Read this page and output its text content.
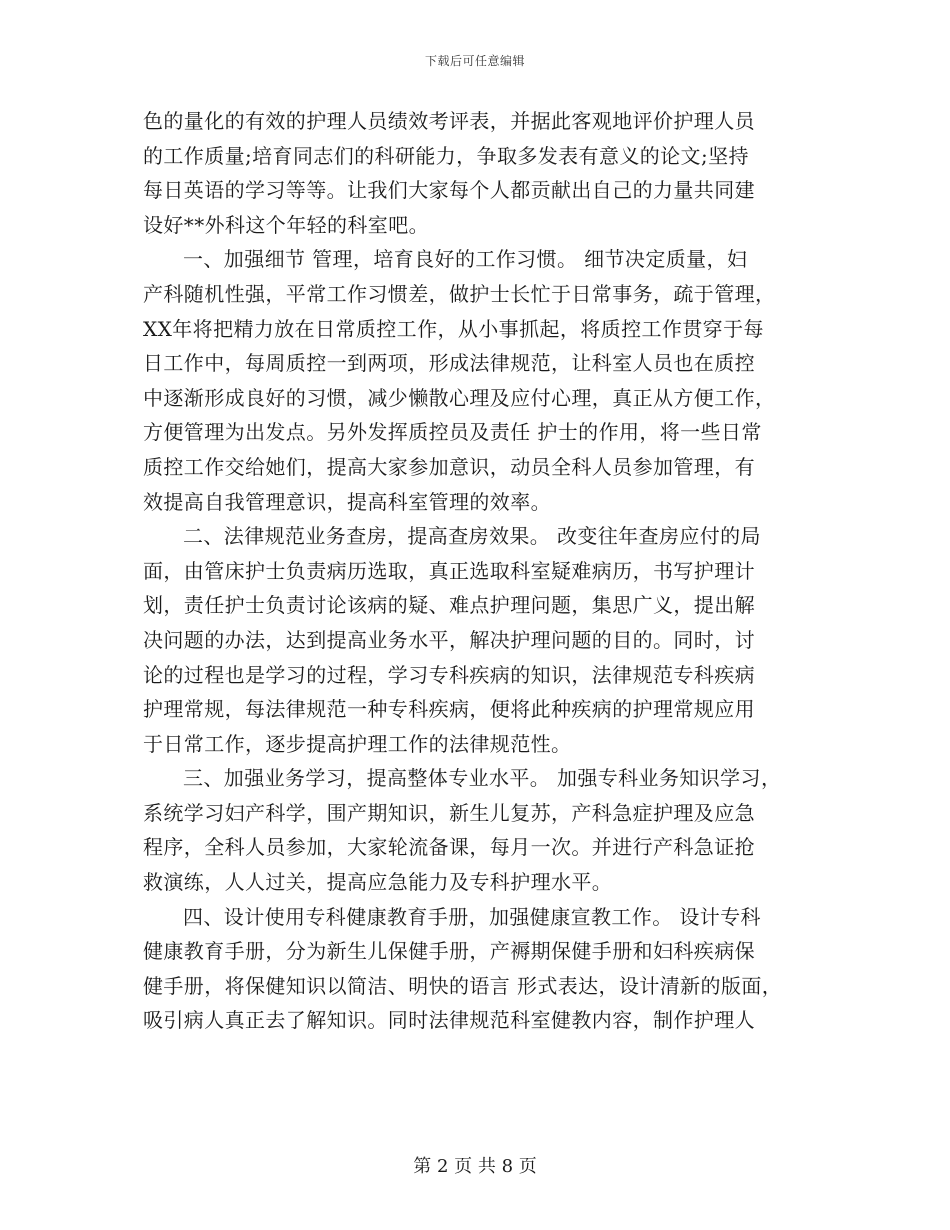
下载后可任意编辑
色的量化的有效的护理人员绩效考评表，并据此客观地评价护理人员
的工作质量;培育同志们的科研能力，争取多发表有意义的论文;坚持
每日英语的学习等等。让我们大家每个人都贡献出自己的力量共同建
设好**外科这个年轻的科室吧。
一、加强细节 管理，培育良好的工作习惯。 细节决定质量，妇
产科随机性强，平常工作习惯差，做护士长忙于日常事务，疏于管理，
XX年将把精力放在日常质控工作，从小事抓起，将质控工作贯穿于每
日工作中，每周质控一到两项，形成法律规范，让科室人员也在质控
中逐渐形成良好的习惯，减少懒散心理及应付心理，真正从方便工作，
方便管理为出发点。另外发挥质控员及责任 护士的作用，将一些日常
质控工作交给她们，提高大家参加意识，动员全科人员参加管理，有
效提高自我管理意识，提高科室管理的效率。
二、法律规范业务查房，提高查房效果。 改变往年查房应付的局
面，由管床护士负责病历选取，真正选取科室疑难病历，书写护理计
划，责任护士负责讨论该病的疑、难点护理问题，集思广义，提出解
决问题的办法，达到提高业务水平，解决护理问题的目的。同时，讨
论的过程也是学习的过程，学习专科疾病的知识，法律规范专科疾病
护理常规，每法律规范一种专科疾病，便将此种疾病的护理常规应用
于日常工作，逐步提高护理工作的法律规范性。
三、加强业务学习，提高整体专业水平。 加强专科业务知识学习，
系统学习妇产科学，围产期知识，新生儿复苏，产科急症护理及应急
程序，全科人员参加，大家轮流备课，每月一次。并进行产科急证抢
救演练，人人过关，提高应急能力及专科护理水平。
四、设计使用专科健康教育手册，加强健康宣教工作。 设计专科
健康教育手册，分为新生儿保健手册，产褥期保健手册和妇科疾病保
健手册，将保健知识以简洁、明快的语言 形式表达，设计清新的版面，
吸引病人真正去了解知识。同时法律规范科室健教内容，制作护理人
第 2 页 共 8 页
